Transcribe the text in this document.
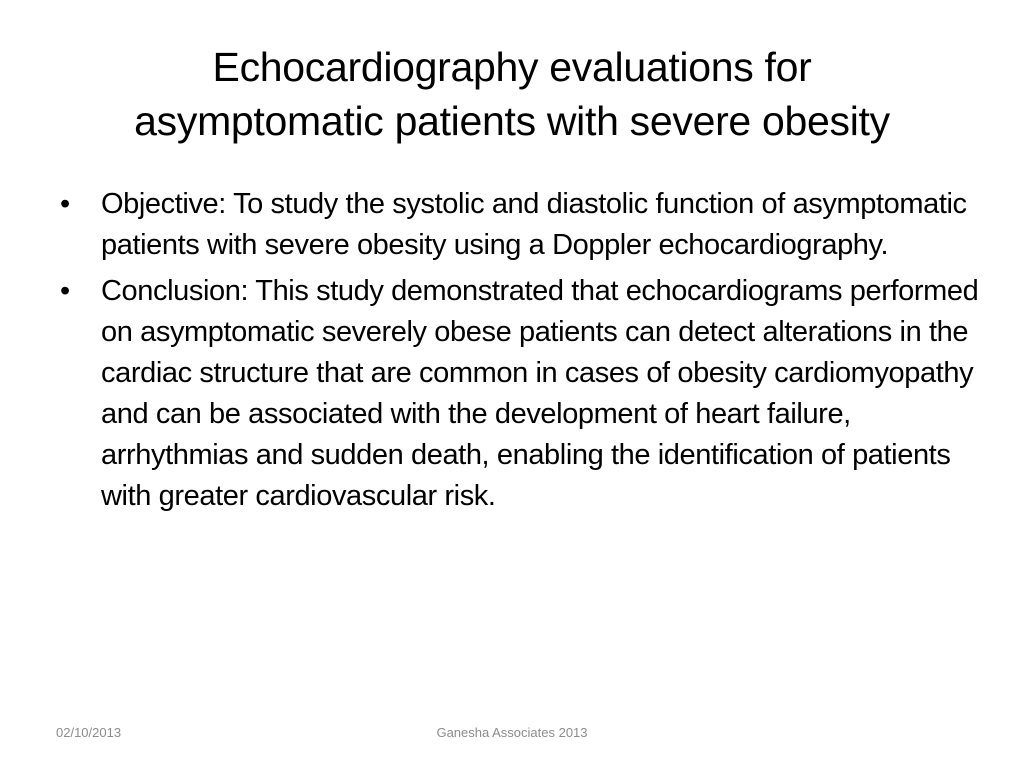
Echocardiography evaluations for
asymptomatic patients with severe obesity
• Objective: To study the systolic and diastolic function of asymptomatic patients with severe obesity using a Doppler echocardiography.
• Conclusion: This study demonstrated that echocardiograms performed on asymptomatic severely obese patients can detect alterations in the cardiac structure that are common in cases of obesity cardiomyopathy and can be associated with the development of heart failure, arrhythmias and sudden death, enabling the identification of patients with greater cardiovascular risk.
02/10/2013	Ganesha Associates 2013
